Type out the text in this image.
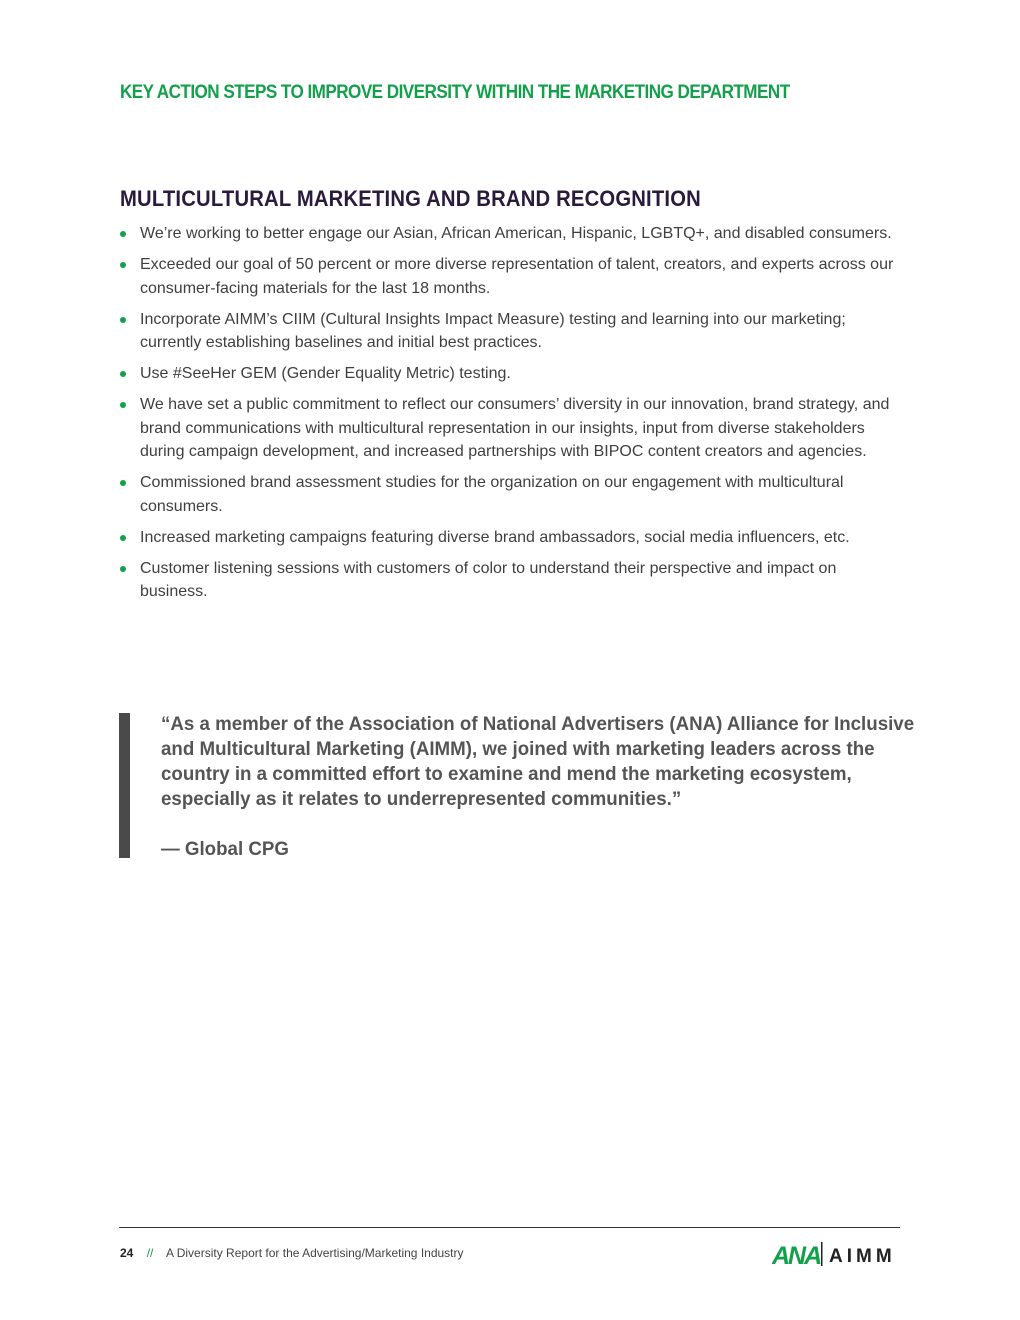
KEY ACTION STEPS TO IMPROVE DIVERSITY WITHIN THE MARKETING DEPARTMENT
MULTICULTURAL MARKETING AND BRAND RECOGNITION
We’re working to better engage our Asian, African American, Hispanic, LGBTQ+, and disabled consumers.
Exceeded our goal of 50 percent or more diverse representation of talent, creators, and experts across our consumer-facing materials for the last 18 months.
Incorporate AIMM’s CIIM (Cultural Insights Impact Measure) testing and learning into our marketing; currently establishing baselines and initial best practices.
Use #SeeHer GEM (Gender Equality Metric) testing.
We have set a public commitment to reflect our consumers’ diversity in our innovation, brand strategy, and brand communications with multicultural representation in our insights, input from diverse stakeholders during campaign development, and increased partnerships with BIPOC content creators and agencies.
Commissioned brand assessment studies for the organization on our engagement with multicultural consumers.
Increased marketing campaigns featuring diverse brand ambassadors, social media influencers, etc.
Customer listening sessions with customers of color to understand their perspective and impact on business.
“As a member of the Association of National Advertisers (ANA) Alliance for Inclusive and Multicultural Marketing (AIMM), we joined with marketing leaders across the country in a committed effort to examine and mend the marketing ecosystem, especially as it relates to underrepresented communities.”
— Global CPG
24 // A Diversity Report for the Advertising/Marketing Industry	ANA AIMM
